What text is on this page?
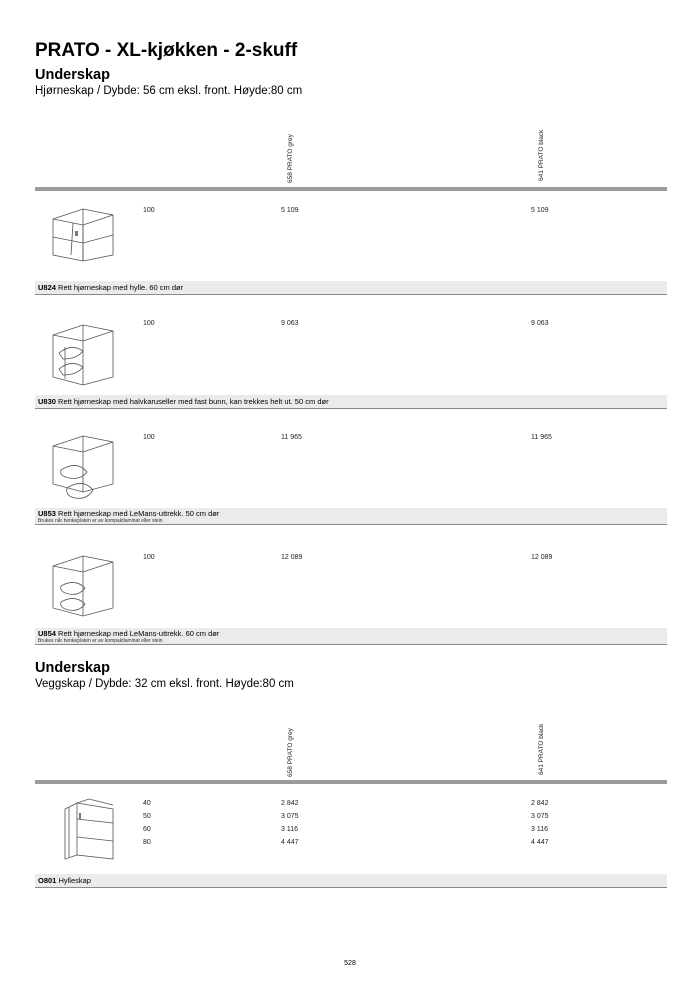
PRATO - XL-kjøkken - 2-skuff
Underskap
Hjørneskap / Dybde: 56 cm eksl. front. Høyde:80 cm
658 PRATO grey	641 PRATO black
100	5 109	5 109
U824 Rett hjørneskap med hylle. 60 cm dør
100	9 063	9 063
U830 Rett hjørneskap med halvkaruseller med fast bunn, kan trekkes helt ut. 50 cm dør
100	11 965	11 965
U853 Rett hjørneskap med LeMans-uttrekk. 50 cm dør
Brukes når benkeplaten er av kompaktlaminat eller stein
100	12 089	12 089
U854 Rett hjørneskap med LeMans-uttrekk. 60 cm dør
Brukes når benkeplaten er av kompaktlaminat eller stein
Underskap
Veggskap / Dybde: 32 cm eksl. front. Høyde:80 cm
658 PRATO grey	641 PRATO black
40	2 842	2 842
50	3 075	3 075
60	3 116	3 116
80	4 447	4 447
O801 Hylleskap
528
